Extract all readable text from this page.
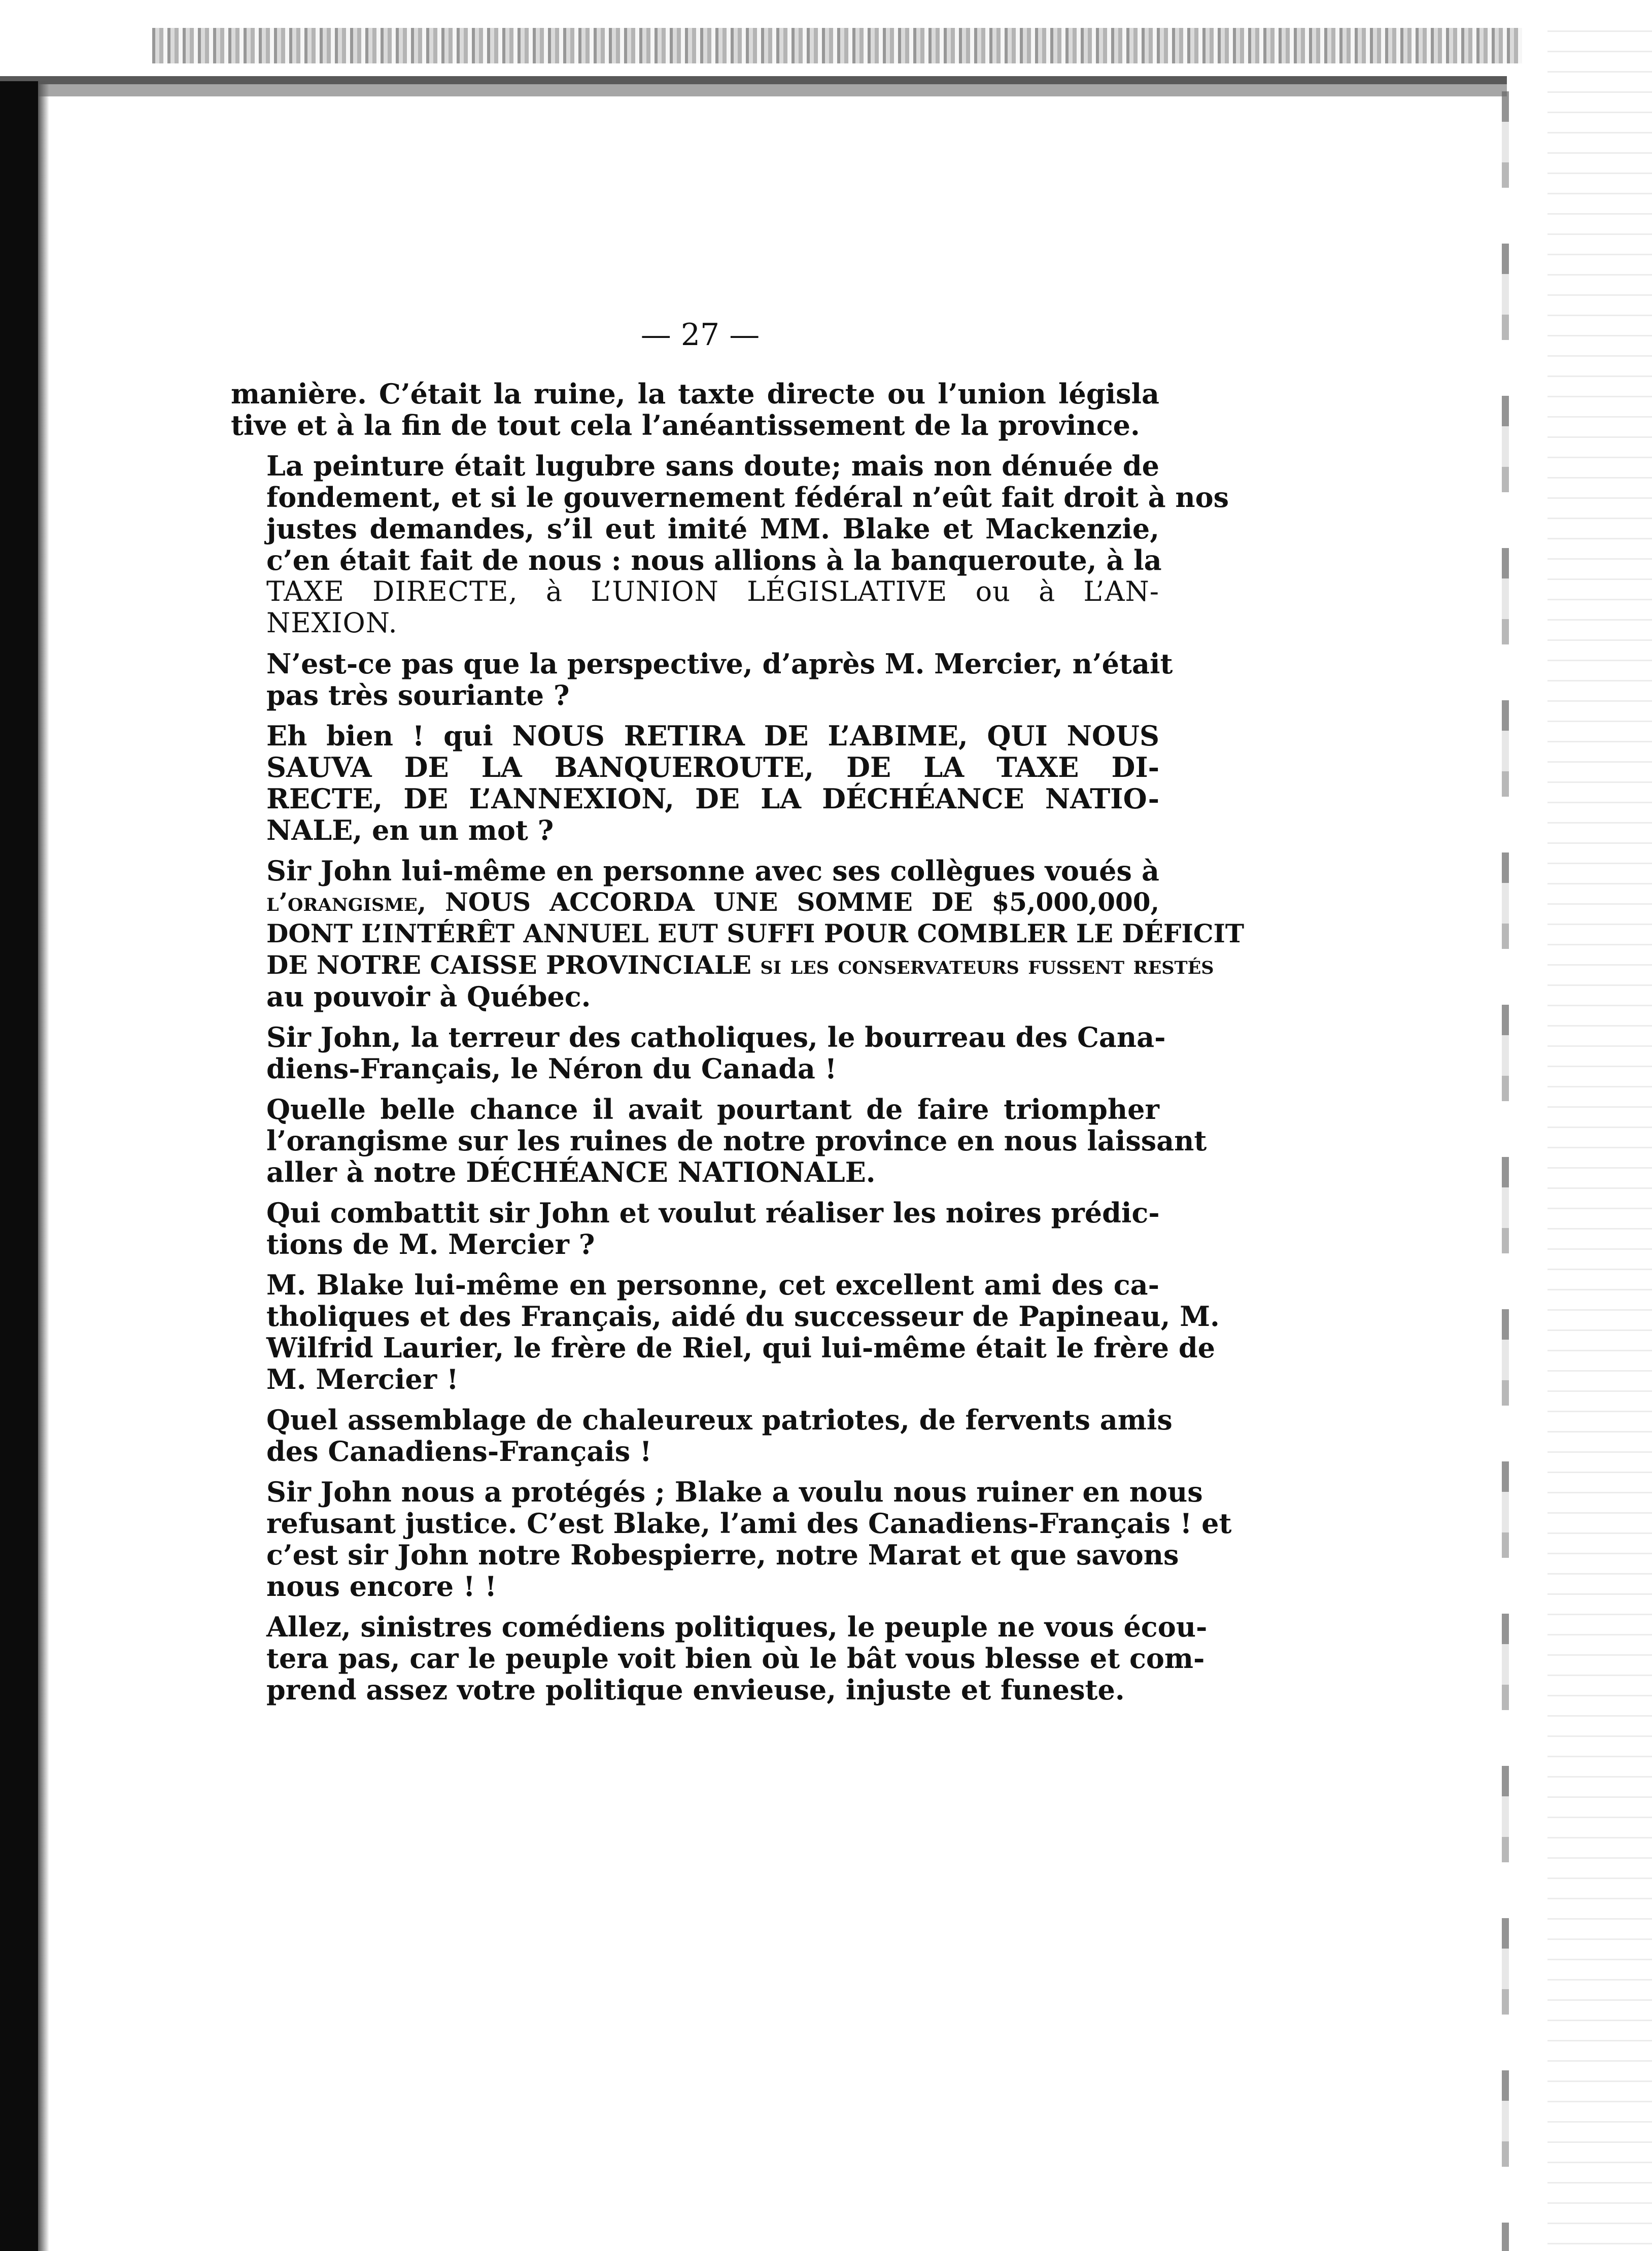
— 27 —

manière. C’était la ruine, la taxte directe ou l’union législa
tive et à la fin de tout cela l’anéantissement de la province.

La peinture était lugubre sans doute; mais non dénuée de
fondement, et si le gouvernement fédéral n’eût fait droit à nos
justes demandes, s’il eut imité MM. Blake et Mackenzie,
c’en était fait de nous : nous allions à la banqueroute, à la
TAXE DIRECTE, à L’UNION LÉGISLATIVE ou à L’AN-
NEXION.

N’est-ce pas que la perspective, d’après M. Mercier, n’était
pas très souriante ?

Eh bien ! qui NOUS RETIRA DE L’ABIME, QUI NOUS
SAUVA DE LA BANQUEROUTE, DE LA TAXE DI-
RECTE, DE L’ANNEXION, DE LA DÉCHÉANCE NATIO-
NALE, en un mot ?

Sir John lui-même en personne avec ses collègues voués à
l’orangisme, NOUS ACCORDA UNE SOMME DE $5,000,000,
DONT L’INTÉRÊT ANNUEL EUT SUFFI POUR COMBLER LE DÉFICIT
DE NOTRE CAISSE PROVINCIALE si les conservateurs fussent restés
au pouvoir à Québec.

Sir John, la terreur des catholiques, le bourreau des Cana-
diens-Français, le Néron du Canada !

Quelle belle chance il avait pourtant de faire triompher
l’orangisme sur les ruines de notre province en nous laissant
aller à notre DÉCHÉANCE NATIONALE.

Qui combattit sir John et voulut réaliser les noires prédic-
tions de M. Mercier ?

M. Blake lui-même en personne, cet excellent ami des ca-
tholiques et des Français, aidé du successeur de Papineau, M.
Wilfrid Laurier, le frère de Riel, qui lui-même était le frère de
M. Mercier !

Quel assemblage de chaleureux patriotes, de fervents amis
des Canadiens-Français !

Sir John nous a protégés ; Blake a voulu nous ruiner en nous
refusant justice. C’est Blake, l’ami des Canadiens-Français ! et
c’est sir John notre Robespierre, notre Marat et que savons
nous encore ! !

Allez, sinistres comédiens politiques, le peuple ne vous écou-
tera pas, car le peuple voit bien où le bât vous blesse et com-
prend assez votre politique envieuse, injuste et funeste.
